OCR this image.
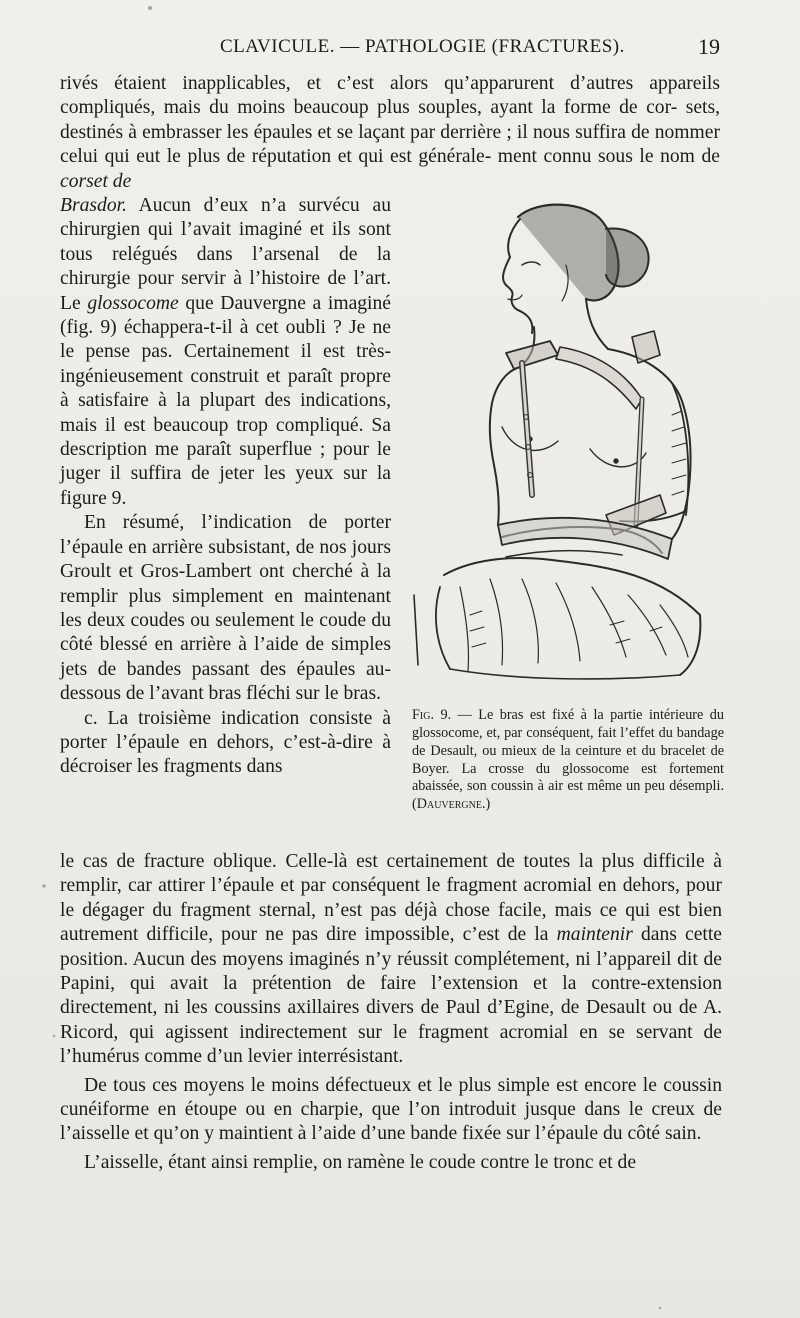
CLAVICULE. — PATHOLOGIE (FRACTURES).	19

rivés étaient inapplicables, et c’est alors qu’apparurent d’autres appareils compliqués, mais du moins beaucoup plus souples, ayant la forme de cor- sets, destinés à embrasser les épaules et se laçant par derrière ; il nous suffira de nommer celui qui eut le plus de réputation et qui est générale- ment connu sous le nom de corset de

Brasdor. Aucun d’eux n’a survécu au chirurgien qui l’avait imaginé et ils sont tous relégués dans l’arsenal de la chirurgie pour servir à l’histoire de l’art. Le glossocome que Dauvergne a imaginé (fig. 9) échappera-t-il à cet oubli ? Je ne le pense pas. Certainement il est très-ingénieusement construit et paraît propre à satisfaire à la plupart des indications, mais il est beaucoup trop compliqué. Sa description me paraît superflue ; pour le juger il suffira de jeter les yeux sur la figure 9.

En résumé, l’indication de porter l’épaule en arrière subsistant, de nos jours Groult et Gros-Lambert ont cherché à la remplir plus simplement en maintenant les deux coudes ou seulement le coude du côté blessé en arrière à l’aide de simples jets de bandes passant des épaules au-dessous de l’avant bras fléchi sur le bras.

c. La troisième indication consiste à porter l’épaule en dehors, c’est-à-dire à décroiser les fragments dans

Fig. 9. — Le bras est fixé à la partie intérieure du glossocome, et, par conséquent, fait l’effet du bandage de Desault, ou mieux de la ceinture et du bracelet de Boyer. La crosse du glossocome est fortement abaissée, son coussin à air est même un peu désempli. (Dauvergne.)

le cas de fracture oblique. Celle-là est certainement de toutes la plus difficile à remplir, car attirer l’épaule et par conséquent le fragment acromial en dehors, pour le dégager du fragment sternal, n’est pas déjà chose facile, mais ce qui est bien autrement difficile, pour ne pas dire impossible, c’est de la maintenir dans cette position. Aucun des moyens imaginés n’y réussit complétement, ni l’appareil dit de Papini, qui avait la prétention de faire l’extension et la contre-extension directement, ni les coussins axillaires divers de Paul d’Egine, de Desault ou de A. Ricord, qui agissent indirectement sur le fragment acromial en se servant de l’humérus comme d’un levier interrésistant.

De tous ces moyens le moins défectueux et le plus simple est encore le coussin cunéiforme en étoupe ou en charpie, que l’on introduit jusque dans le creux de l’aisselle et qu’on y maintient à l’aide d’une bande fixée sur l’épaule du côté sain.

L’aisselle, étant ainsi remplie, on ramène le coude contre le tronc et de
